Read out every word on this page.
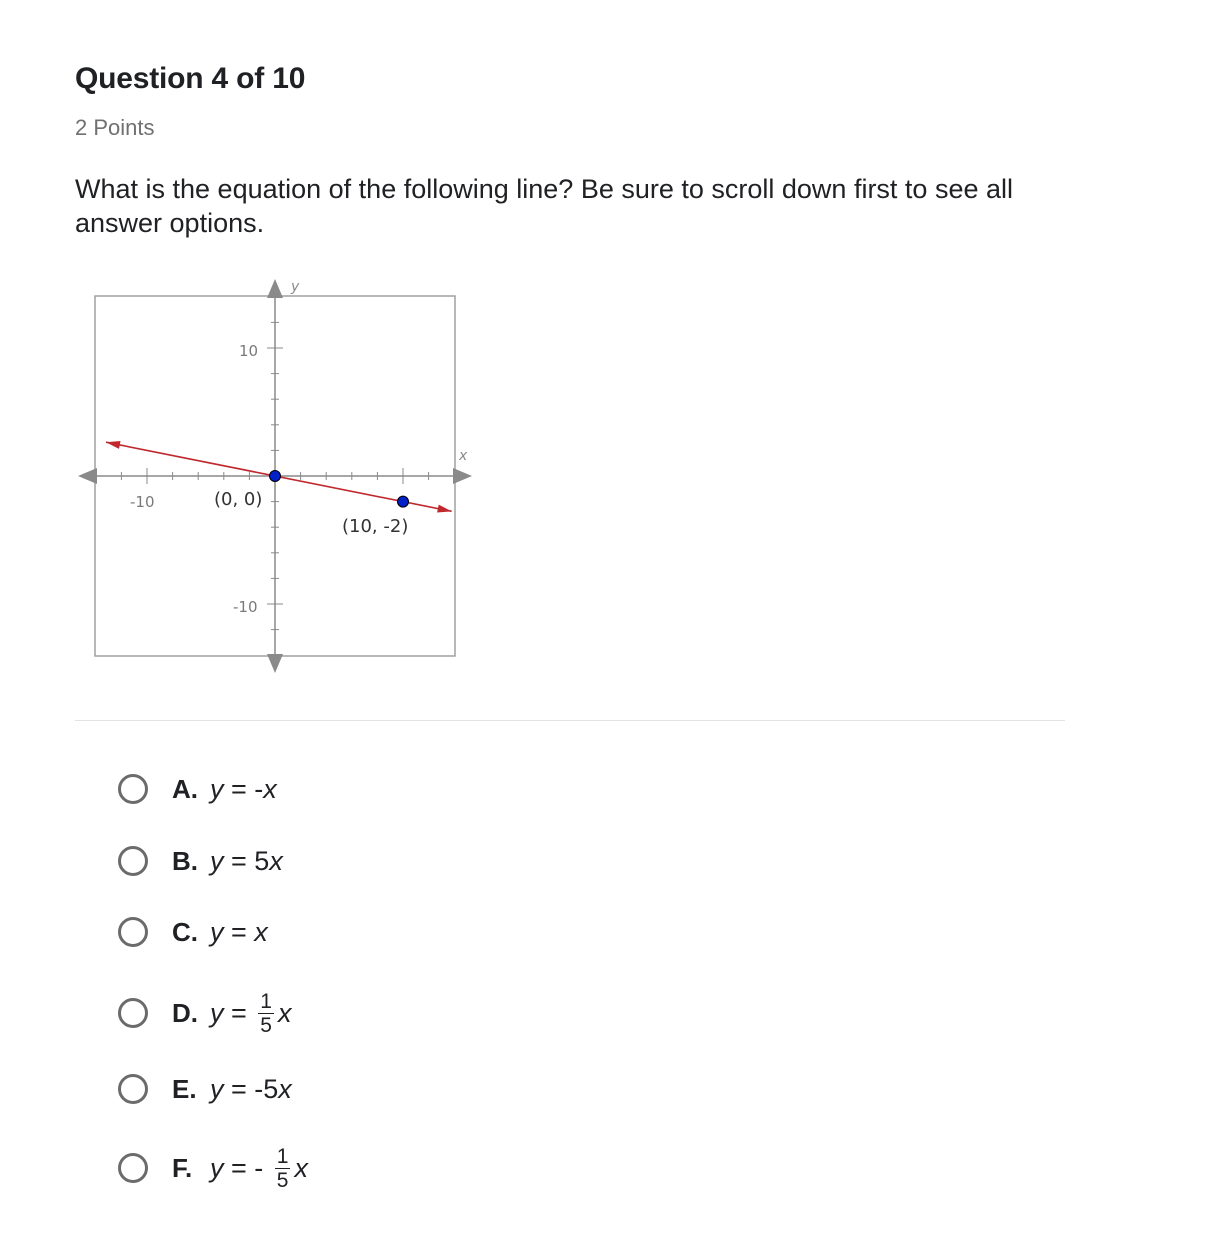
Question 4 of 10
2 Points
What is the equation of the following line? Be sure to scroll down first to see all answer options.
y
x
-10
10
-10
(0, 0)
(10, -2)
A. y = - x
B. y = 5 x
C. y = x
D. $y = \frac{1}{5}$ x
E. y = -5 x
F. y = - $\frac{1}{5}$ x
